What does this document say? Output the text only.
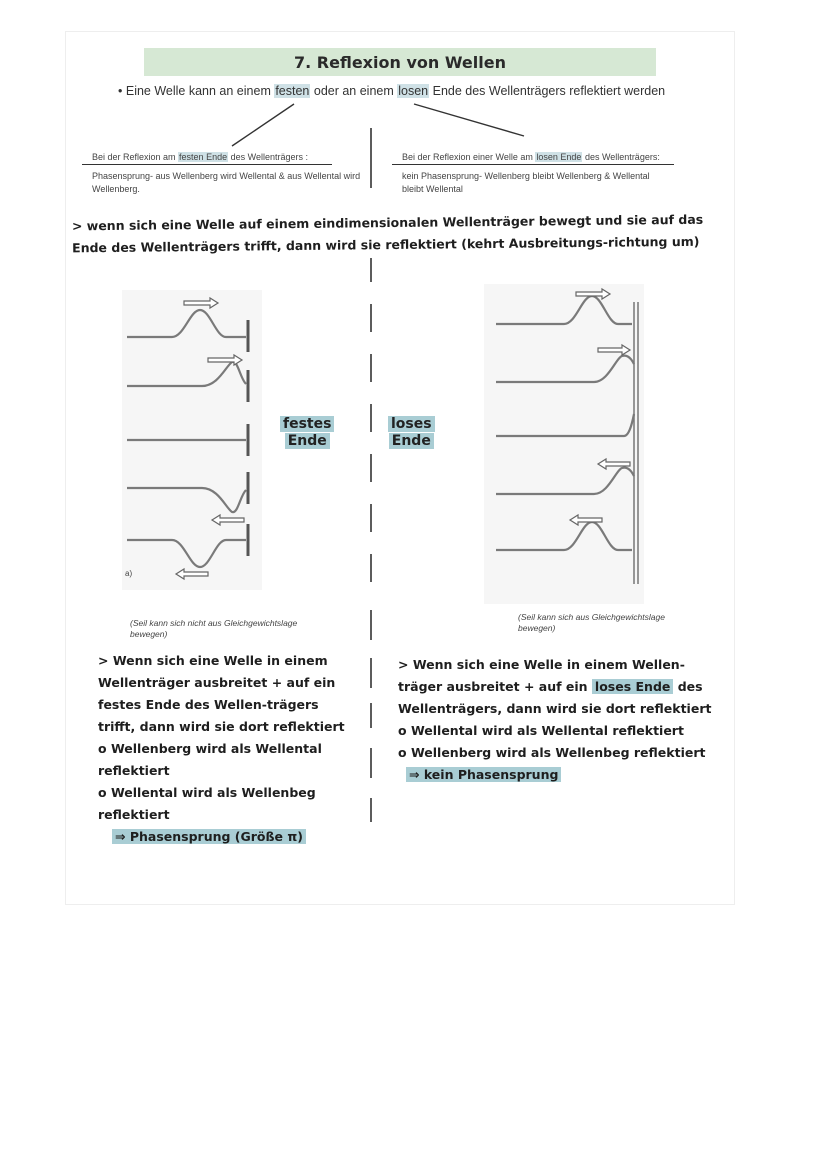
7. Reflexion von Wellen
• Eine Welle kann an einem festen oder an einem losen Ende des Wellenträgers reflektiert werden
Bei der Reflexion am festen Ende des Wellenträgers :
Phasensprung- aus Wellenberg wird Wellental & aus Wellental wird Wellenberg.
Bei der Reflexion einer Welle am losen Ende des Wellenträgers:
kein Phasensprung- Wellenberg bleibt Wellenberg & Wellental bleibt Wellental
> wenn sich eine Welle auf einem eindimensionalen Wellenträger bewegt und sie auf das Ende des Wellenträgers trifft, dann wird sie reflektiert (kehrt Ausbreitungs-richtung um)
a)
festes
Ende
loses
Ende
(Seil kann sich nicht aus Gleichgewichtslage bewegen)
(Seil kann sich aus Gleichgewichtslage bewegen)
> Wenn sich eine Welle in einem Wellenträger ausbreitet + auf ein festes Ende des Wellen-trägers trifft, dann wird sie dort reflektiert
o Wellenberg wird als Wellental reflektiert
o Wellental wird als Wellenbeg reflektiert
⇒ Phasensprung (Größe π)
> Wenn sich eine Welle in einem Wellen-träger ausbreitet + auf ein loses Ende des Wellenträgers, dann wird sie dort reflektiert
o Wellental wird als Wellental reflektiert
o Wellenberg wird als Wellenbeg reflektiert
⇒ kein Phasensprung
